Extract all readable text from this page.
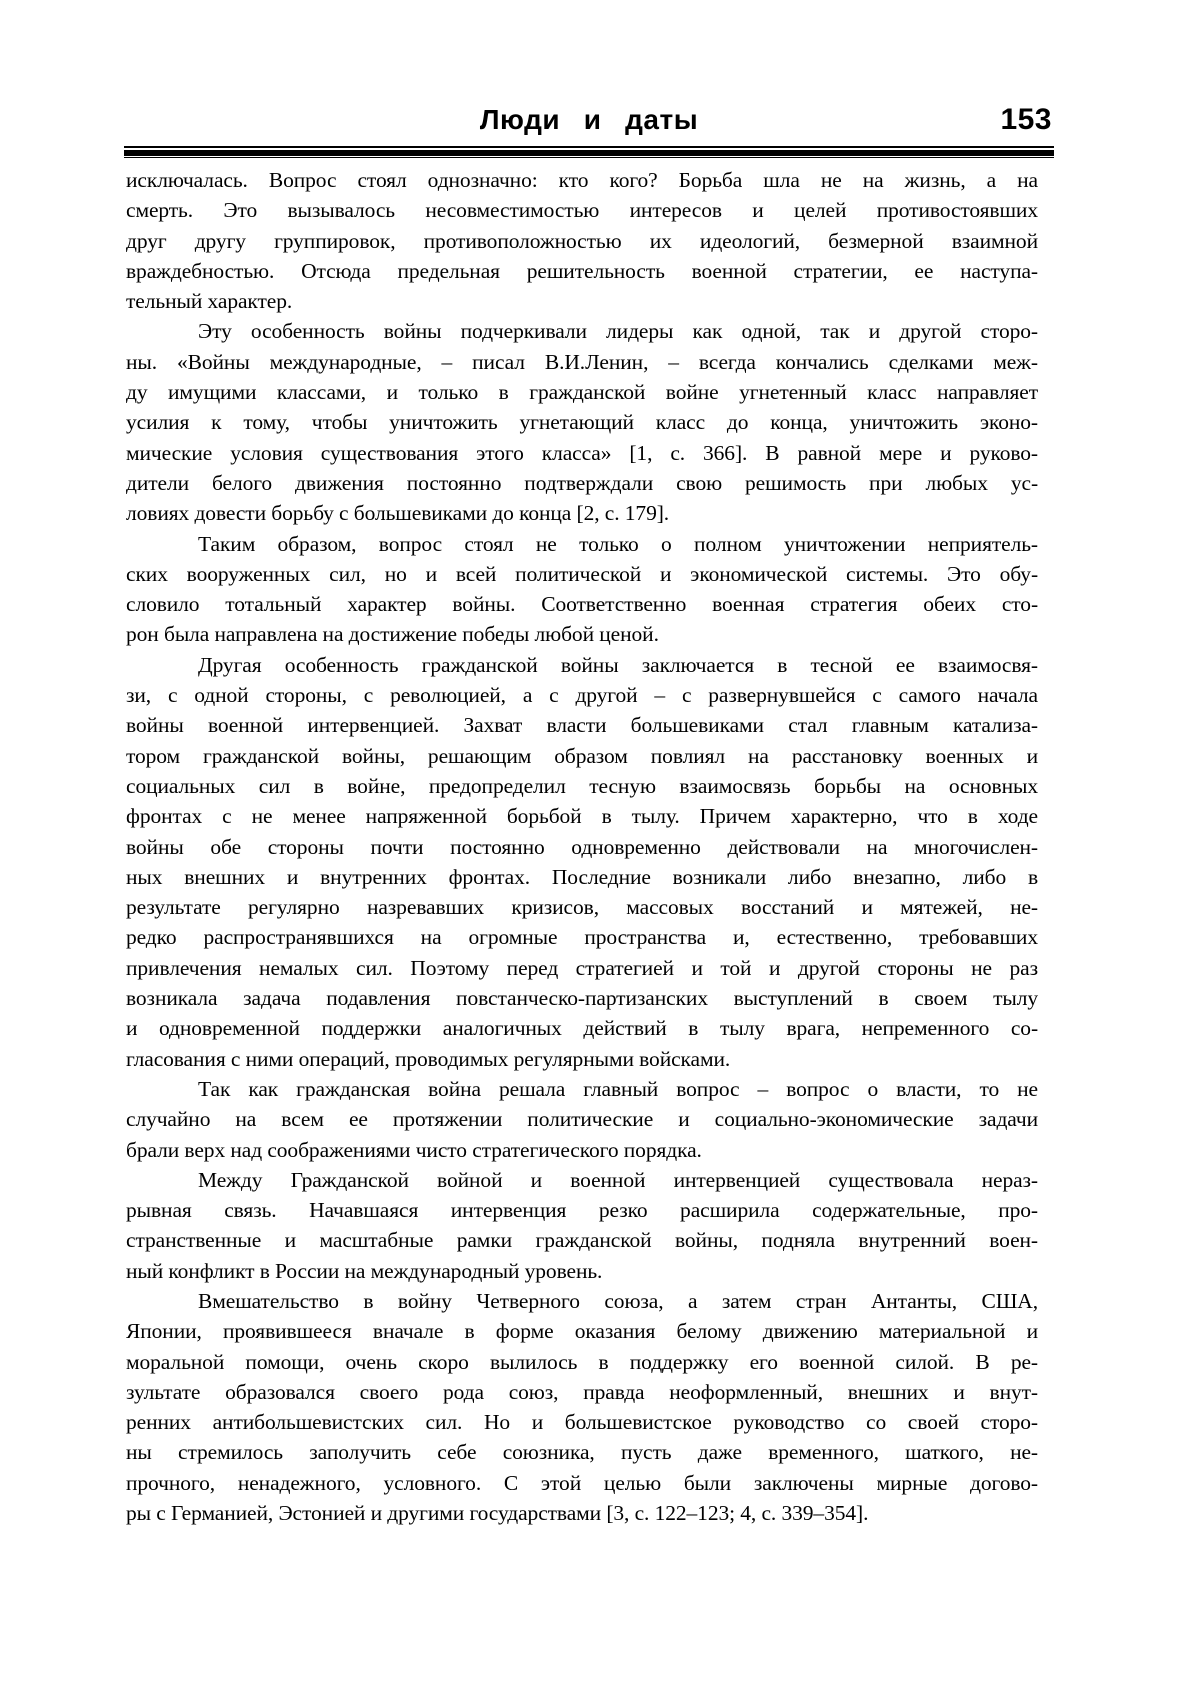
Люди и даты	153
исключалась. Вопрос стоял однозначно: кто кого? Борьба шла не на жизнь, а на
смерть. Это вызывалось несовместимостью интересов и целей противостоявших
друг другу группировок, противоположностью их идеологий, безмерной взаимной
враждебностью. Отсюда предельная решительность военной стратегии, ее наступа-
тельный характер.
Эту особенность войны подчеркивали лидеры как одной, так и другой сторо-
ны. «Войны международные, – писал В.И.Ленин, – всегда кончались сделками меж-
ду имущими классами, и только в гражданской войне угнетенный класс направляет
усилия к тому, чтобы уничтожить угнетающий класс до конца, уничтожить эконо-
мические условия существования этого класса» [1, с. 366]. В равной мере и руково-
дители белого движения постоянно подтверждали свою решимость при любых ус-
ловиях довести борьбу с большевиками до конца [2, с. 179].
Таким образом, вопрос стоял не только о полном уничтожении неприятель-
ских вооруженных сил, но и всей политической и экономической системы. Это обу-
словило тотальный характер войны. Соответственно военная стратегия обеих сто-
рон была направлена на достижение победы любой ценой.
Другая особенность гражданской войны заключается в тесной ее взаимосвя-
зи, с одной стороны, с революцией, а с другой – с развернувшейся с самого начала
войны военной интервенцией. Захват власти большевиками стал главным катализа-
тором гражданской войны, решающим образом повлиял на расстановку военных и
социальных сил в войне, предопределил тесную взаимосвязь борьбы на основных
фронтах с не менее напряженной борьбой в тылу. Причем характерно, что в ходе
войны обе стороны почти постоянно одновременно действовали на многочислен-
ных внешних и внутренних фронтах. Последние возникали либо внезапно, либо в
результате регулярно назревавших кризисов, массовых восстаний и мятежей, не-
редко распространявшихся на огромные пространства и, естественно, требовавших
привлечения немалых сил. Поэтому перед стратегией и той и другой стороны не раз
возникала задача подавления повстанческо-партизанских выступлений в своем тылу
и одновременной поддержки аналогичных действий в тылу врага, непременного со-
гласования с ними операций, проводимых регулярными войсками.
Так как гражданская война решала главный вопрос – вопрос о власти, то не
случайно на всем ее протяжении политические и социально-экономические задачи
брали верх над соображениями чисто стратегического порядка.
Между Гражданской войной и военной интервенцией существовала нераз-
рывная связь. Начавшаяся интервенция резко расширила содержательные, про-
странственные и масштабные рамки гражданской войны, подняла внутренний воен-
ный конфликт в России на международный уровень.
Вмешательство в войну Четверного союза, а затем стран Антанты, США,
Японии, проявившееся вначале в форме оказания белому движению материальной и
моральной помощи, очень скоро вылилось в поддержку его военной силой. В ре-
зультате образовался своего рода союз, правда неоформленный, внешних и внут-
ренних антибольшевистских сил. Но и большевистское руководство со своей сторо-
ны стремилось заполучить себе союзника, пусть даже временного, шаткого, не-
прочного, ненадежного, условного. С этой целью были заключены мирные догово-
ры с Германией, Эстонией и другими государствами [3, с. 122–123; 4, с. 339–354].
